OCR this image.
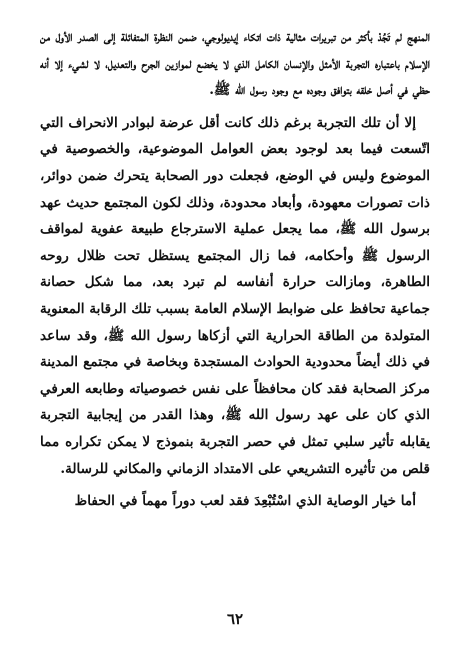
المنهج لم تَجُدْ بأكثر من تبريرات مثالية ذات اتكاء إيديولوجي، ضمن النظرة المتفائلة إلى الصدر الأول من الإسلام باعتباره التجربة الأمثل والإنسان الكامل الذي لا يخضع لموازين الجرح والتعديل، لا لشيء إلا أنه حظي في أصل خلقه بتوافق وجوده مع وجود رسول الله ﷺ.

إلا أن تلك التجربة برغم ذلك كانت أقل عرضة لبوادر الانحراف التي اتّسعت فيما بعد لوجود بعض العوامل الموضوعية، والخصوصية في الموضوع وليس في الوضع، فجعلت دور الصحابة يتحرك ضمن دوائر، ذات تصورات معهودة، وأبعاد محدودة، وذلك لكون المجتمع حديث عهد برسول الله ﷺ، مما يجعل عملية الاسترجاع طبيعة عفوية لمواقف الرسول ﷺ وأحكامه، فما زال المجتمع يستظل تحت ظلال روحه الطاهرة، ومازالت حرارة أنفاسه لم تبرد بعد، مما شكل حصانة جماعية تحافظ على ضوابط الإسلام العامة بسبب تلك الرقابة المعنوية المتولدة من الطاقة الحرارية التي أزكاها رسول الله ﷺ، وقد ساعد في ذلك أيضاً محدودية الحوادث المستجدة وبخاصة في مجتمع المدينة مركز الصحابة فقد كان محافظاً على نفس خصوصياته وطابعه العرفي الذي كان على عهد رسول الله ﷺ، وهذا القدر من إيجابية التجربة يقابله تأثير سلبي تمثل في حصر التجربة بنموذج لا يمكن تكراره مما قلص من تأثيره التشريعي على الامتداد الزماني والمكاني للرسالة.

أما خيار الوصاية الذي اسْتُبْعِدَ فقد لعب دوراً مهماً في الحفاظ

٦٢
